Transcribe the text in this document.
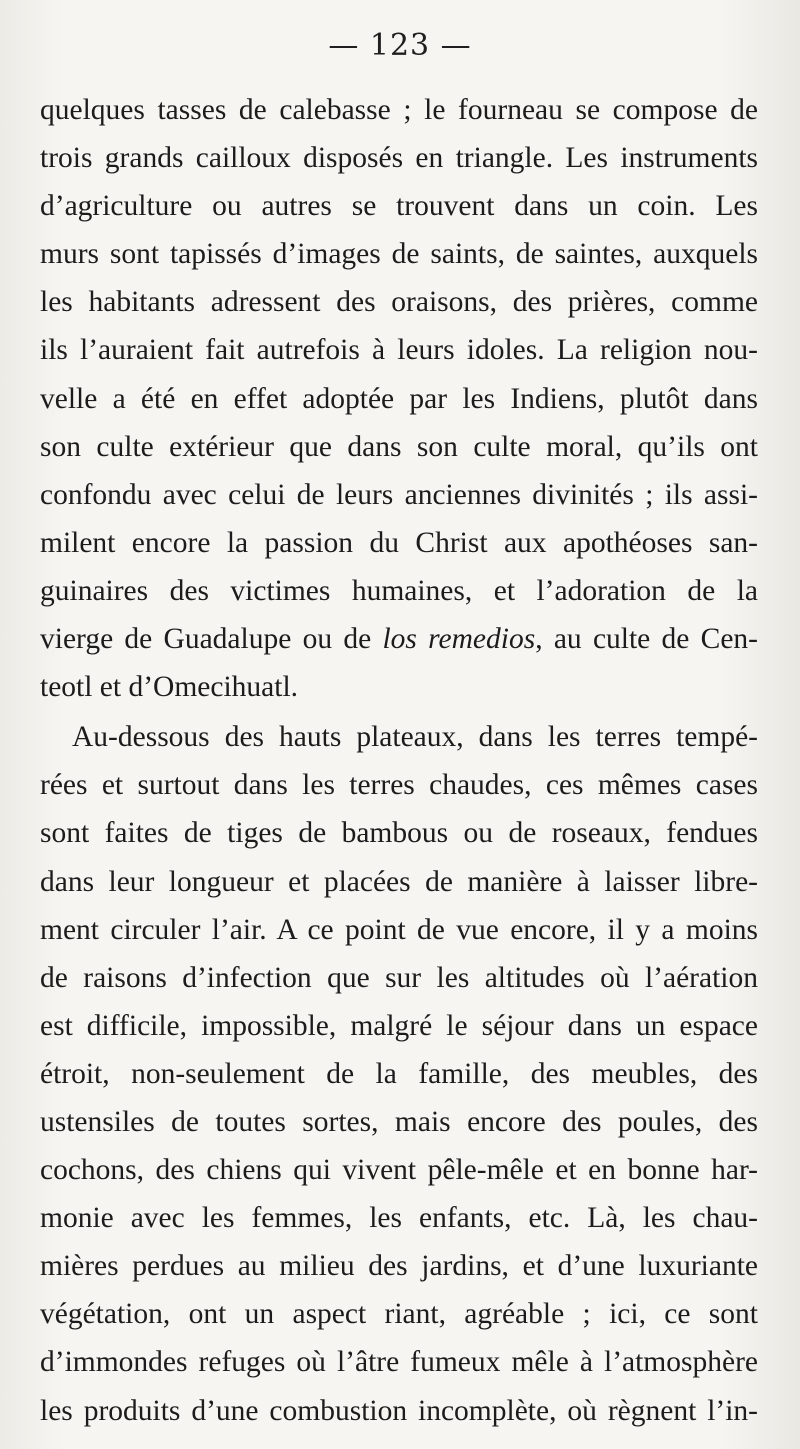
— 123 —
quelques tasses de calebasse ; le fourneau se compose de
trois grands cailloux disposés en triangle. Les instruments
d’agriculture ou autres se trouvent dans un coin. Les
murs sont tapissés d’images de saints, de saintes, auxquels
les habitants adressent des oraisons, des prières, comme
ils l’auraient fait autrefois à leurs idoles. La religion nou-
velle a été en effet adoptée par les Indiens, plutôt dans
son culte extérieur que dans son culte moral, qu’ils ont
confondu avec celui de leurs anciennes divinités ; ils assi-
milent encore la passion du Christ aux apothéoses san-
guinaires des victimes humaines, et l’adoration de la
vierge de Guadalupe ou de los remedios, au culte de Cen-
teotl et d’Omecihuatl.
Au-dessous des hauts plateaux, dans les terres tempé-
rées et surtout dans les terres chaudes, ces mêmes cases
sont faites de tiges de bambous ou de roseaux, fendues
dans leur longueur et placées de manière à laisser libre-
ment circuler l’air. A ce point de vue encore, il y a moins
de raisons d’infection que sur les altitudes où l’aération
est difficile, impossible, malgré le séjour dans un espace
étroit, non-seulement de la famille, des meubles, des
ustensiles de toutes sortes, mais encore des poules, des
cochons, des chiens qui vivent pêle-mêle et en bonne har-
monie avec les femmes, les enfants, etc. Là, les chau-
mières perdues au milieu des jardins, et d’une luxuriante
végétation, ont un aspect riant, agréable ; ici, ce sont
d’immondes refuges où l’âtre fumeux mêle à l’atmosphère
les produits d’une combustion incomplète, où règnent l’in-
